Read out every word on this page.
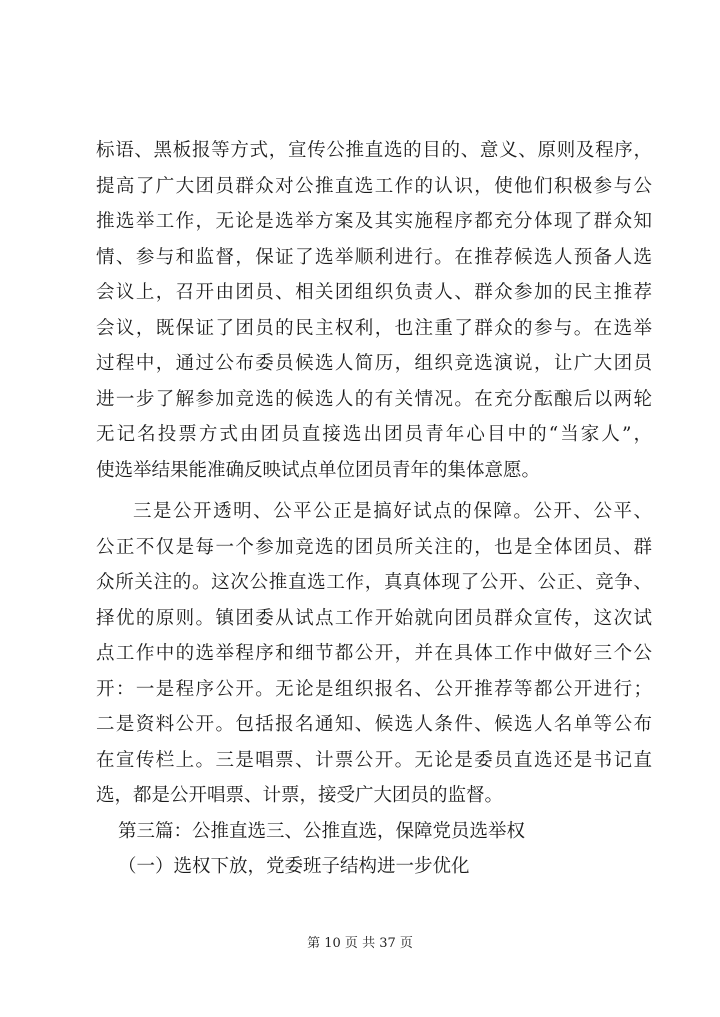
标语、黑板报等方式，宣传公推直选的目的、意义、原则及程序，
提高了广大团员群众对公推直选工作的认识，使他们积极参与公
推选举工作，无论是选举方案及其实施程序都充分体现了群众知
情、参与和监督，保证了选举顺利进行。在推荐候选人预备人选
会议上，召开由团员、相关团组织负责人、群众参加的民主推荐
会议，既保证了团员的民主权利，也注重了群众的参与。在选举
过程中，通过公布委员候选人简历，组织竞选演说，让广大团员
进一步了解参加竞选的候选人的有关情况。在充分酝酿后以两轮
无记名投票方式由团员直接选出团员青年心目中的“当家人”，
使选举结果能准确反映试点单位团员青年的集体意愿。
三是公开透明、公平公正是搞好试点的保障。公开、公平、
公正不仅是每一个参加竞选的团员所关注的，也是全体团员、群
众所关注的。这次公推直选工作，真真体现了公开、公正、竞争、
择优的原则。镇团委从试点工作开始就向团员群众宣传，这次试
点工作中的选举程序和细节都公开，并在具体工作中做好三个公
开：一是程序公开。无论是组织报名、公开推荐等都公开进行；
二是资料公开。包括报名通知、候选人条件、候选人名单等公布
在宣传栏上。三是唱票、计票公开。无论是委员直选还是书记直
选，都是公开唱票、计票，接受广大团员的监督。
第三篇：公推直选三、公推直选，保障党员选举权
（一）选权下放，党委班子结构进一步优化
第 10 页 共 37 页
